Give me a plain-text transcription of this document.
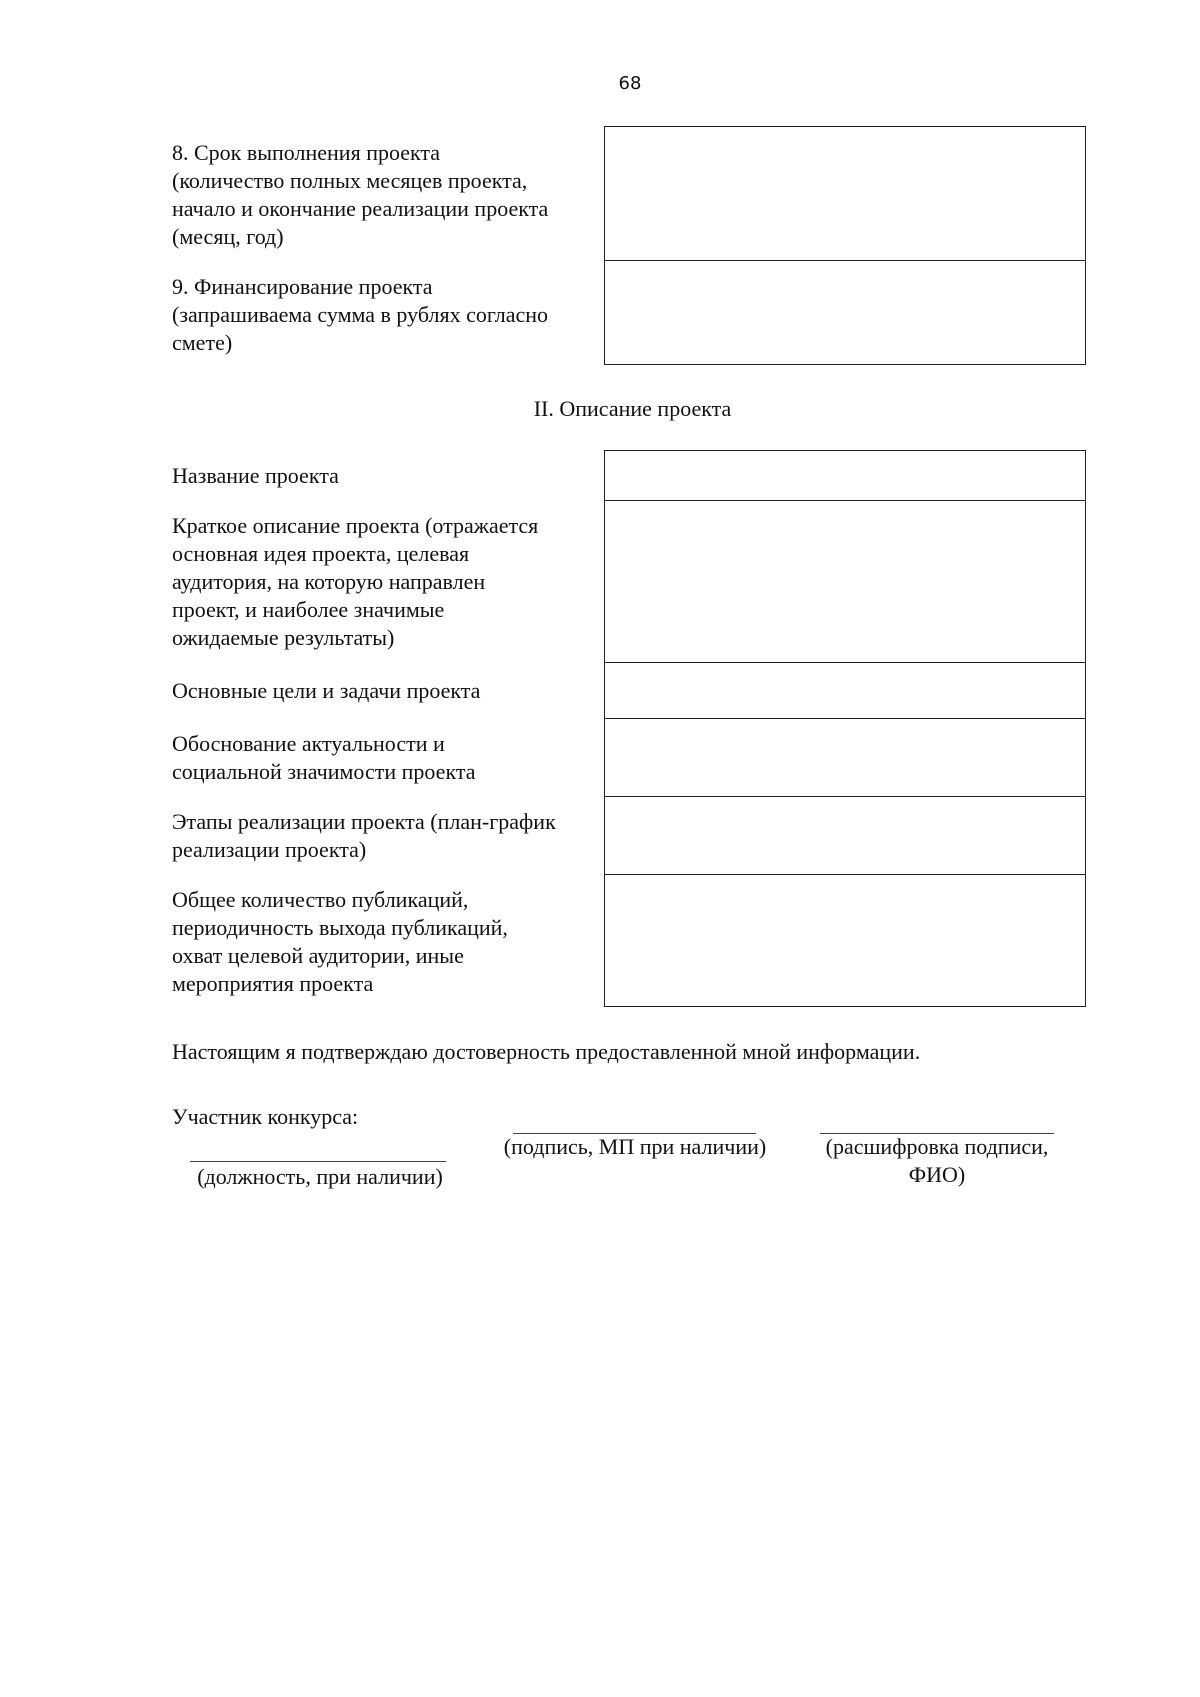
68
8. Срок выполнения проекта
(количество полных месяцев проекта,
начало и окончание реализации проекта
(месяц, год)
9. Финансирование проекта
(запрашиваема сумма в рублях согласно
смете)
II. Описание проекта
Название проекта
Краткое описание проекта (отражается
основная идея проекта, целевая
аудитория, на которую направлен
проект, и наиболее значимые
ожидаемые результаты)
Основные цели и задачи проекта
Обоснование актуальности и
социальной значимости проекта
Этапы реализации проекта (план-график
реализации проекта)
Общее количество публикаций,
периодичность выхода публикаций,
охват целевой аудитории, иные
мероприятия проекта
Настоящим я подтверждаю достоверность предоставленной мной информации.
Участник конкурса:
(должность, при наличии)
(подпись, МП при наличии)	(расшифровка подписи,
ФИО)
